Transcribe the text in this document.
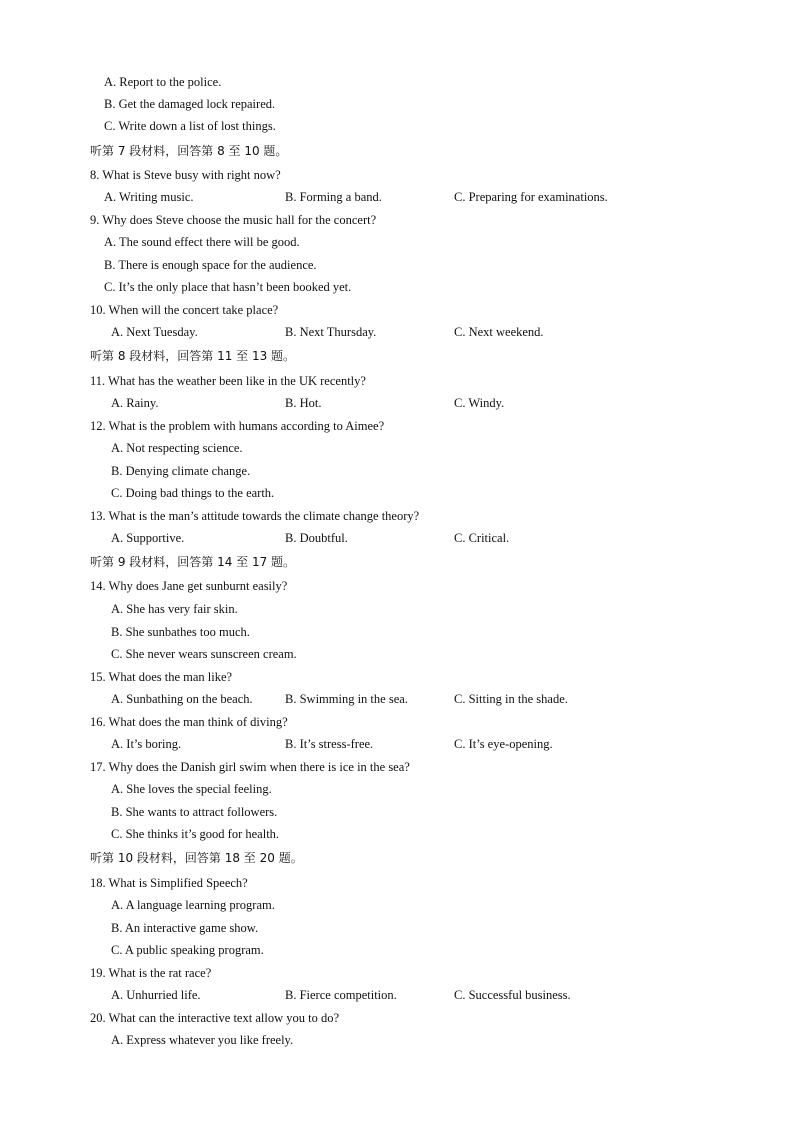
A. Report to the police.
B. Get the damaged lock repaired.
C. Write down a list of lost things.
听第 7 段材料，回答第 8 至 10 题。
8. What is Steve busy with right now?
A. Writing music.	B. Forming a band.	C. Preparing for examinations.
9. Why does Steve choose the music hall for the concert?
A. The sound effect there will be good.
B. There is enough space for the audience.
C. It’s the only place that hasn’t been booked yet.
10. When will the concert take place?
A. Next Tuesday.	B. Next Thursday.	C. Next weekend.
听第 8 段材料，回答第 11 至 13 题。
11. What has the weather been like in the UK recently?
A. Rainy.	B. Hot.	C. Windy.
12. What is the problem with humans according to Aimee?
A. Not respecting science.
B. Denying climate change.
C. Doing bad things to the earth.
13. What is the man’s attitude towards the climate change theory?
A. Supportive.	B. Doubtful.	C. Critical.
听第 9 段材料，回答第 14 至 17 题。
14. Why does Jane get sunburnt easily?
A. She has very fair skin.
B. She sunbathes too much.
C. She never wears sunscreen cream.
15. What does the man like?
A. Sunbathing on the beach.	B. Swimming in the sea.	C. Sitting in the shade.
16. What does the man think of diving?
A. It’s boring.	B. It’s stress-free.	C. It’s eye-opening.
17. Why does the Danish girl swim when there is ice in the sea?
A. She loves the special feeling.
B. She wants to attract followers.
C. She thinks it’s good for health.
听第 10 段材料，回答第 18 至 20 题。
18. What is Simplified Speech?
A. A language learning program.
B. An interactive game show.
C. A public speaking program.
19. What is the rat race?
A. Unhurried life.	B. Fierce competition.	C. Successful business.
20. What can the interactive text allow you to do?
A. Express whatever you like freely.
